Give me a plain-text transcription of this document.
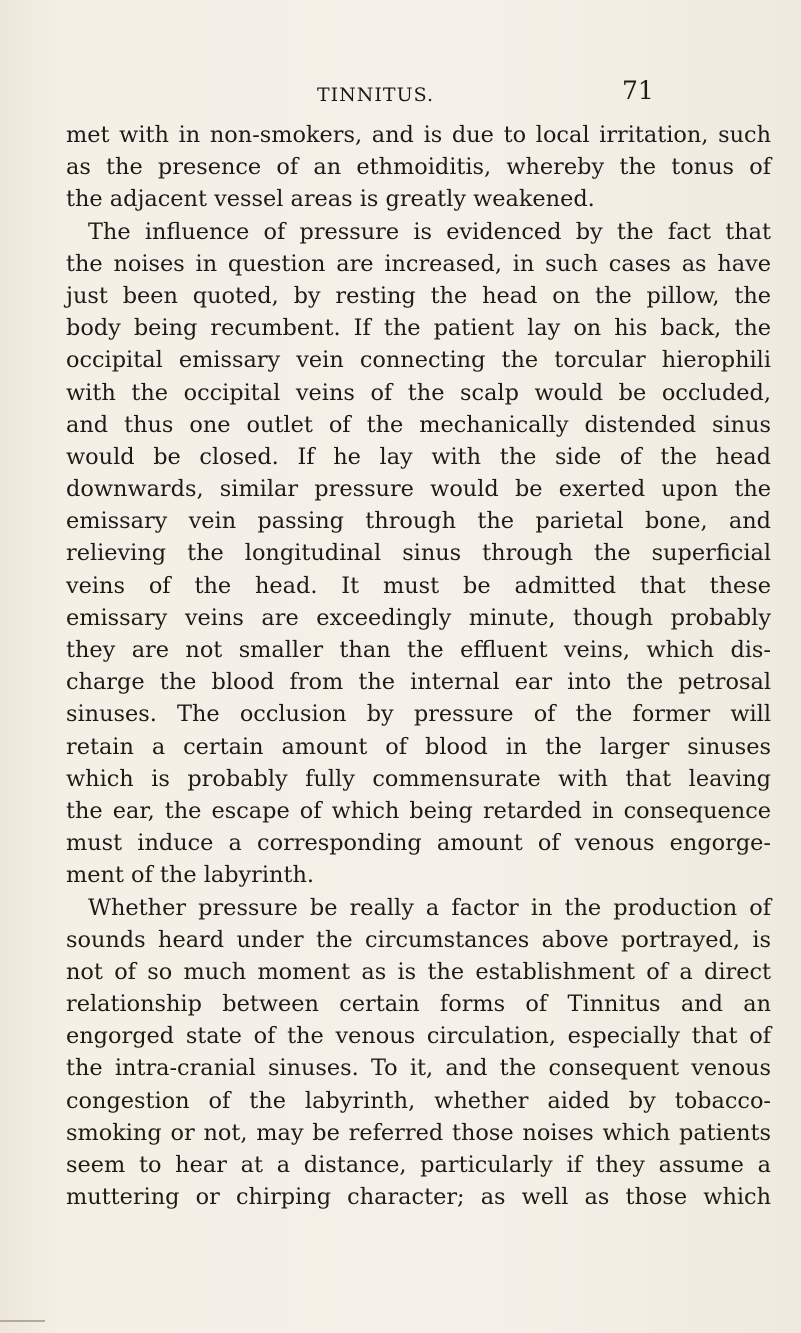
TINNITUS.	71
met with in non-smokers, and is due to local irritation, such
as the presence of an ethmoiditis, whereby the tonus of
the adjacent vessel areas is greatly weakened.
The influence of pressure is evidenced by the fact that
the noises in question are increased, in such cases as have
just been quoted, by resting the head on the pillow, the
body being recumbent. If the patient lay on his back, the
occipital emissary vein connecting the torcular hierophili
with the occipital veins of the scalp would be occluded,
and thus one outlet of the mechanically distended sinus
would be closed. If he lay with the side of the head
downwards, similar pressure would be exerted upon the
emissary vein passing through the parietal bone, and
relieving the longitudinal sinus through the superficial
veins of the head. It must be admitted that these
emissary veins are exceedingly minute, though probably
they are not smaller than the effluent veins, which dis-
charge the blood from the internal ear into the petrosal
sinuses. The occlusion by pressure of the former will
retain a certain amount of blood in the larger sinuses
which is probably fully commensurate with that leaving
the ear, the escape of which being retarded in consequence
must induce a corresponding amount of venous engorge-
ment of the labyrinth.
Whether pressure be really a factor in the production of
sounds heard under the circumstances above portrayed, is
not of so much moment as is the establishment of a direct
relationship between certain forms of Tinnitus and an
engorged state of the venous circulation, especially that of
the intra-cranial sinuses. To it, and the consequent venous
congestion of the labyrinth, whether aided by tobacco-
smoking or not, may be referred those noises which patients
seem to hear at a distance, particularly if they assume a
muttering or chirping character; as well as those which
